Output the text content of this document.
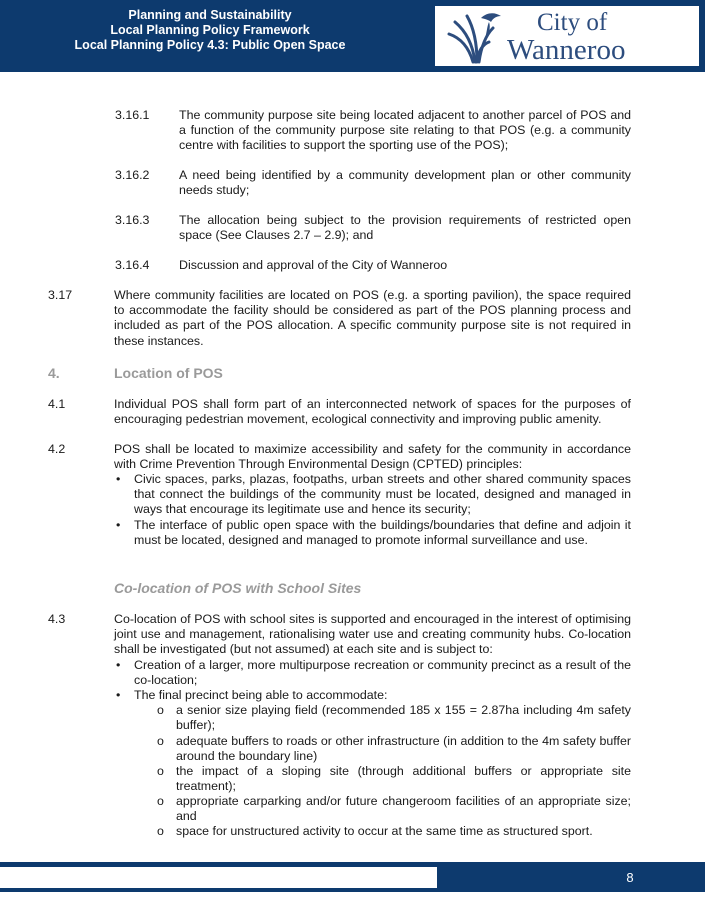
Planning and Sustainability
Local Planning Policy Framework
Local Planning Policy 4.3: Public Open Space
City of
Wanneroo
3.16.1 The community purpose site being located adjacent to another parcel of POS and a function of the community purpose site relating to that POS (e.g. a community centre with facilities to support the sporting use of the POS);
3.16.2 A need being identified by a community development plan or other community needs study;
3.16.3 The allocation being subject to the provision requirements of restricted open space (See Clauses 2.7 – 2.9); and
3.16.4 Discussion and approval of the City of Wanneroo
3.17	Where community facilities are located on POS (e.g. a sporting pavilion), the space required to accommodate the facility should be considered as part of the POS planning process and included as part of the POS allocation. A specific community purpose site is not required in these instances.
4.	Location of POS
4.1	Individual POS shall form part of an interconnected network of spaces for the purposes of encouraging pedestrian movement, ecological connectivity and improving public amenity.
4.2	POS shall be located to maximize accessibility and safety for the community in accordance with Crime Prevention Through Environmental Design (CPTED) principles:
• Civic spaces, parks, plazas, footpaths, urban streets and other shared community spaces that connect the buildings of the community must be located, designed and managed in ways that encourage its legitimate use and hence its security;
• The interface of public open space with the buildings/boundaries that define and adjoin it must be located, designed and managed to promote informal surveillance and use.
Co-location of POS with School Sites
4.3	Co-location of POS with school sites is supported and encouraged in the interest of optimising joint use and management, rationalising water use and creating community hubs. Co-location shall be investigated (but not assumed) at each site and is subject to:
• Creation of a larger, more multipurpose recreation or community precinct as a result of the co-location;
• The final precinct being able to accommodate:
o a senior size playing field (recommended 185 x 155 = 2.87ha including 4m safety buffer);
o adequate buffers to roads or other infrastructure (in addition to the 4m safety buffer around the boundary line)
o the impact of a sloping site (through additional buffers or appropriate site treatment);
o appropriate carparking and/or future changeroom facilities of an appropriate size; and
o space for unstructured activity to occur at the same time as structured sport.
8
